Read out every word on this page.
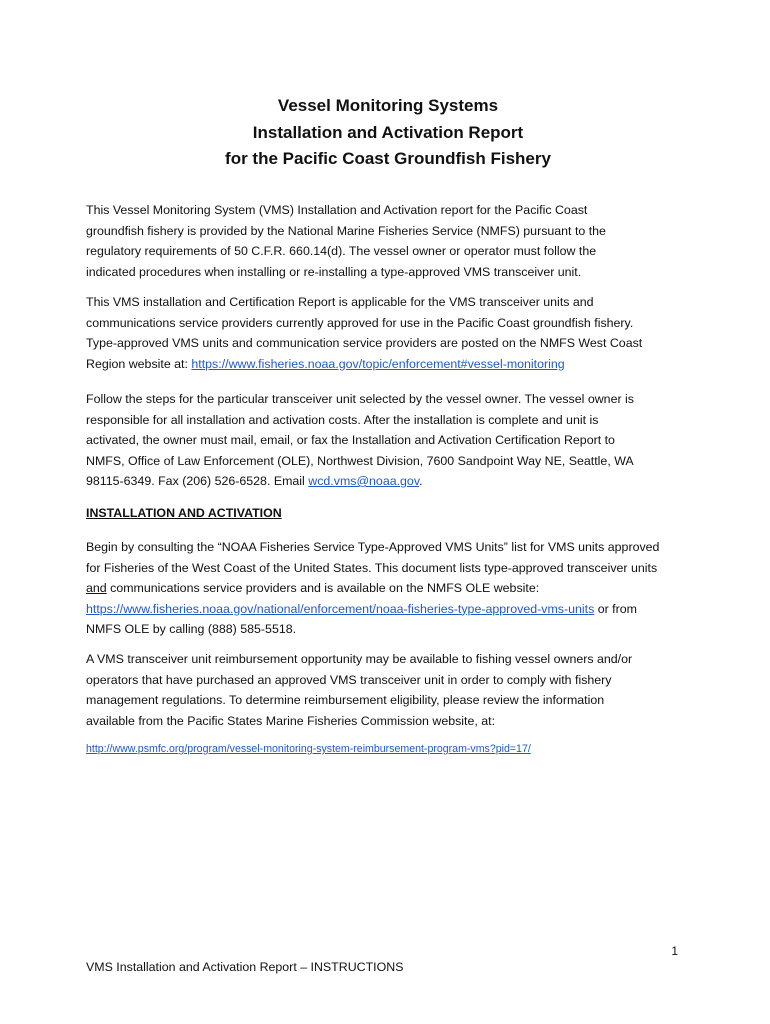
Vessel Monitoring Systems
Installation and Activation Report
for the Pacific Coast Groundfish Fishery
This Vessel Monitoring System (VMS) Installation and Activation report for the Pacific Coast
groundfish fishery is provided by the National Marine Fisheries Service (NMFS) pursuant to the
regulatory requirements of 50 C.F.R. 660.14(d). The vessel owner or operator must follow the
indicated procedures when installing or re-installing a type-approved VMS transceiver unit.
This VMS installation and Certification Report is applicable for the VMS transceiver units and
communications service providers currently approved for use in the Pacific Coast groundfish fishery.
Type-approved VMS units and communication service providers are posted on the NMFS West Coast
Region website at: https://www.fisheries.noaa.gov/topic/enforcement#vessel-monitoring
Follow the steps for the particular transceiver unit selected by the vessel owner. The vessel owner is
responsible for all installation and activation costs. After the installation is complete and unit is
activated, the owner must mail, email, or fax the Installation and Activation Certification Report to
NMFS, Office of Law Enforcement (OLE), Northwest Division, 7600 Sandpoint Way NE, Seattle, WA
98115-6349. Fax (206) 526-6528. Email wcd.vms@noaa.gov.
INSTALLATION AND ACTIVATION
Begin by consulting the “NOAA Fisheries Service Type-Approved VMS Units” list for VMS units approved
for Fisheries of the West Coast of the United States. This document lists type-approved transceiver units
and communications service providers and is available on the NMFS OLE website:
https://www.fisheries.noaa.gov/national/enforcement/noaa-fisheries-type-approved-vms-units or from
NMFS OLE by calling (888) 585-5518.
A VMS transceiver unit reimbursement opportunity may be available to fishing vessel owners and/or
operators that have purchased an approved VMS transceiver unit in order to comply with fishery
management regulations. To determine reimbursement eligibility, please review the information
available from the Pacific States Marine Fisheries Commission website, at:
http://www.psmfc.org/program/vessel-monitoring-system-reimbursement-program-vms?pid=17/
1
VMS Installation and Activation Report – INSTRUCTIONS
